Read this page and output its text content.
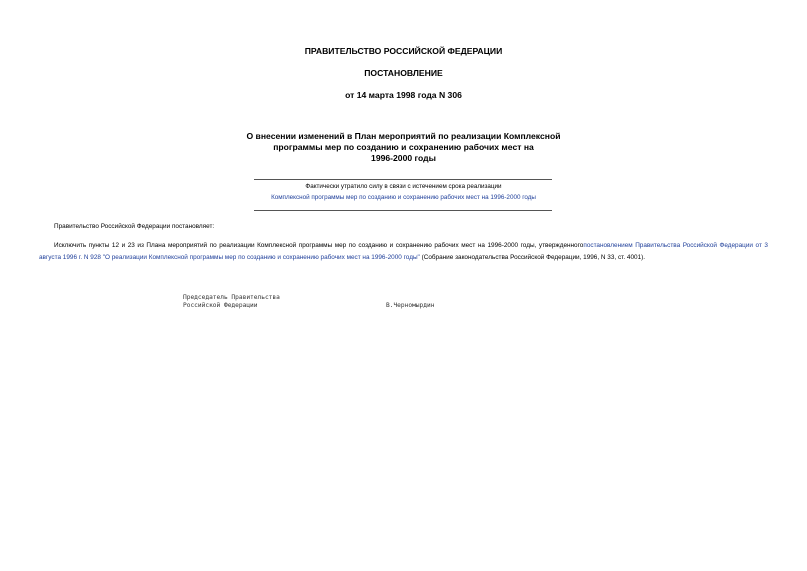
ПРАВИТЕЛЬСТВО РОССИЙСКОЙ ФЕДЕРАЦИИ

ПОСТАНОВЛЕНИЕ

от 14 марта 1998 года N 306

О внесении изменений в План мероприятий по реализации Комплексной
программы мер по созданию и сохранению рабочих мест на
1996-2000 годы

Фактически утратило силу в связи с истечением срока реализации

Комплексной программы мер по созданию и сохранению рабочих мест на 1996-2000 годы

Правительство Российской Федерации постановляет:

Исключить пункты 12 и 23 из Плана мероприятий по реализации Комплексной программы мер по созданию и сохранению рабочих мест на 1996-2000 годы, утвержденногопостановлением Правительства Российской Федерации от 3 августа 1996 г. N 928 "О реализации Комплексной программы мер по созданию и сохранению рабочих мест на 1996-2000 годы" (Собрание законодательства Российской Федерации, 1996, N 33, ст. 4001).

Председатель Правительства

Российской Федерации	В.Черномырдин
